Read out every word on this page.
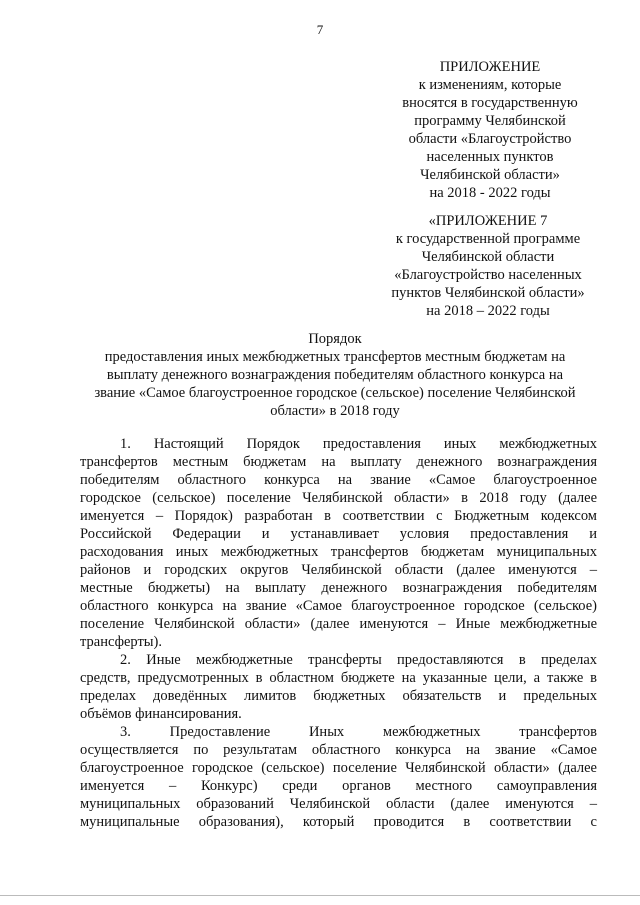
7
ПРИЛОЖЕНИЕ
к изменениям, которые
вносятся в государственную
программу Челябинской
области «Благоустройство
населенных пунктов
Челябинской области»
на 2018 - 2022 годы
«ПРИЛОЖЕНИЕ 7
к государственной программе
Челябинской области
«Благоустройство населенных
пунктов Челябинской области»
на 2018 – 2022 годы
Порядок
предоставления иных межбюджетных трансфертов местным бюджетам на
выплату денежного вознаграждения победителям областного конкурса на
звание «Самое благоустроенное городское (сельское) поселение Челябинской
области» в 2018 году
1. Настоящий Порядок предоставления иных межбюджетных
трансфертов местным бюджетам на выплату денежного вознаграждения
победителям областного конкурса на звание «Самое благоустроенное
городское (сельское) поселение Челябинской области» в 2018 году (далее
именуется – Порядок) разработан в соответствии с Бюджетным кодексом
Российской Федерации и устанавливает условия предоставления и
расходования иных межбюджетных трансфертов бюджетам муниципальных
районов и городских округов Челябинской области (далее именуются –
местные бюджеты) на выплату денежного вознаграждения победителям
областного конкурса на звание «Самое благоустроенное городское (сельское)
поселение Челябинской области» (далее именуются – Иные межбюджетные
трансферты).
2. Иные межбюджетные трансферты предоставляются в пределах
средств, предусмотренных в областном бюджете на указанные цели, а также в
пределах доведённых лимитов бюджетных обязательств и предельных
объёмов финансирования.
3. Предоставление Иных межбюджетных трансфертов
осуществляется по результатам областного конкурса на звание «Самое
благоустроенное городское (сельское) поселение Челябинской области» (далее
именуется – Конкурс) среди органов местного самоуправления
муниципальных образований Челябинской области (далее именуются –
муниципальные образования), который проводится в соответствии с
